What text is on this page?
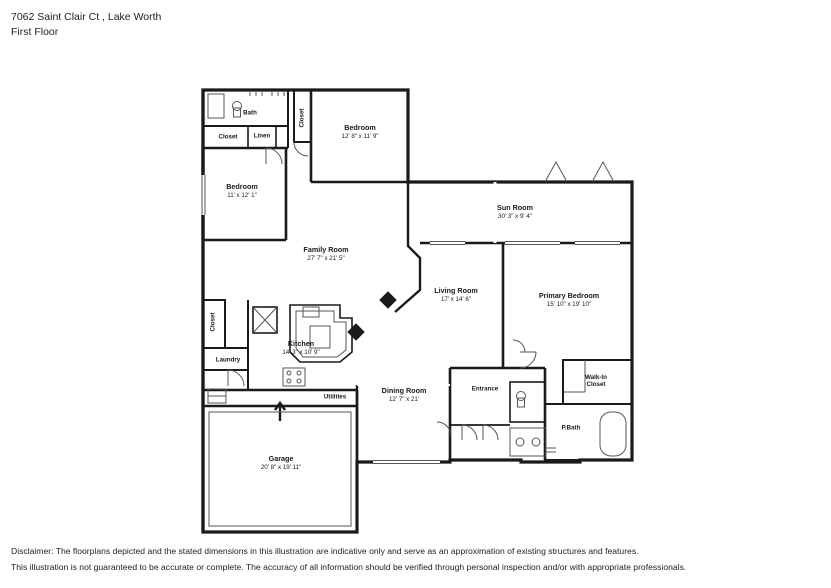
7062 Saint Clair Ct , Lake Worth
First Floor
Bath
Closet	Linen
Closet	Bedroom
12' 8" x 11' 9"
Bedroom
11' x 12' 1"
Sun Room
30' 3" x 9' 4"
Family Room
27' 7" x 21' 5"
Living Room
17' x 14' 6"	Primary Bedroom
15' 10" x 19' 10"
Closet
Kitchen
14' 3" x 10' 9"
Laundry
Walk-In
Closet
Dining Room
12' 7" x 21'
Entrance
Utilities
P.Bath
Garage
20' 8" x 19' 11"
Disclaimer: The floorplans depicted and the stated dimensions in this illustration are indicative only and serve as an approximation of existing structures and features.
This illustration is not guaranteed to be accurate or complete. The accuracy of all information should be verified through personal inspection and/or with appropriate professionals.
